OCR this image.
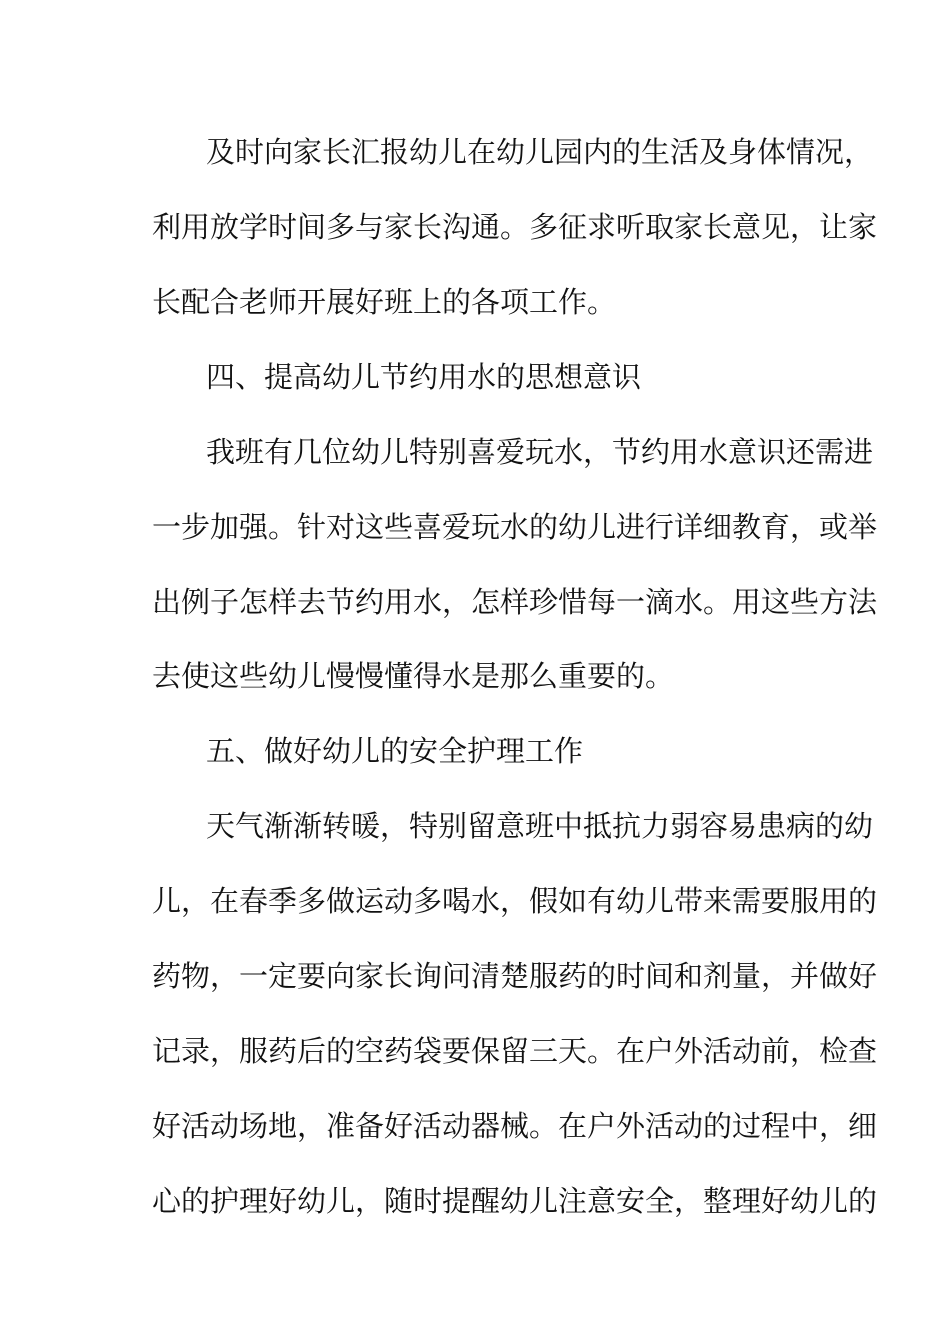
及时向家长汇报幼儿在幼儿园内的生活及身体情况，
利用放学时间多与家长沟通。多征求听取家长意见，让家
长配合老师开展好班上的各项工作。
四、提高幼儿节约用水的思想意识
我班有几位幼儿特别喜爱玩水，节约用水意识还需进
一步加强。针对这些喜爱玩水的幼儿进行详细教育，或举
出例子怎样去节约用水，怎样珍惜每一滴水。用这些方法
去使这些幼儿慢慢懂得水是那么重要的。
五、做好幼儿的安全护理工作
天气渐渐转暖，特别留意班中抵抗力弱容易患病的幼
儿，在春季多做运动多喝水，假如有幼儿带来需要服用的
药物，一定要向家长询问清楚服药的时间和剂量，并做好
记录，服药后的空药袋要保留三天。在户外活动前，检查
好活动场地，准备好活动器械。在户外活动的过程中，细
心的护理好幼儿，随时提醒幼儿注意安全，整理好幼儿的
